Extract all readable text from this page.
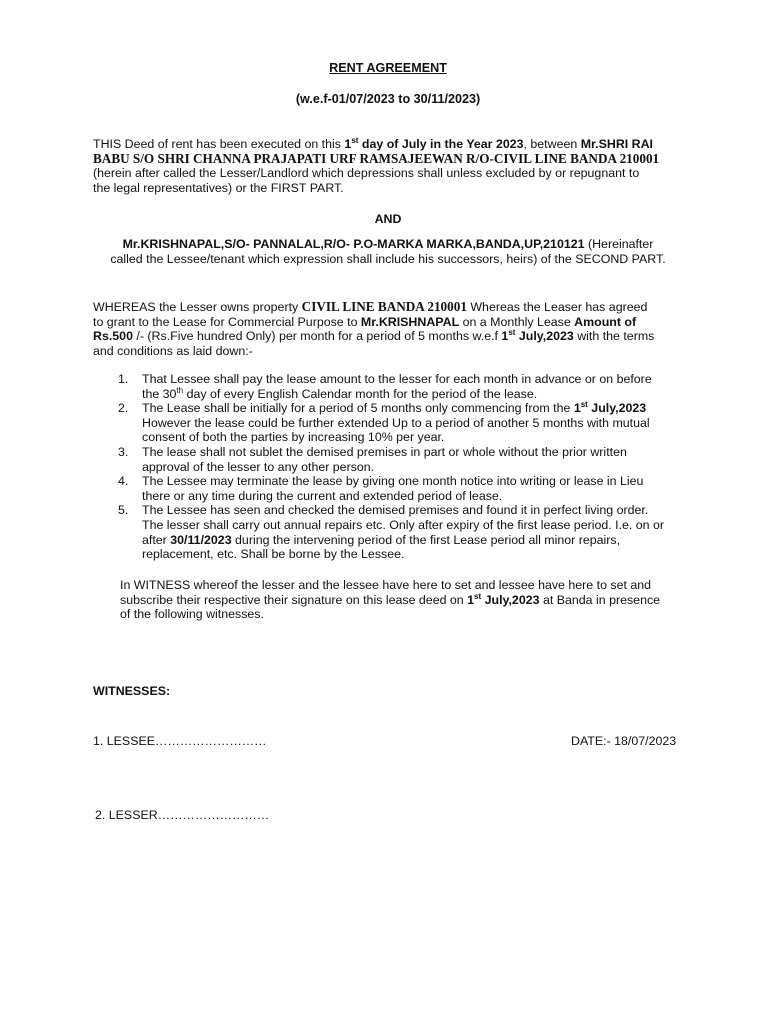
RENT AGREEMENT
(w.e.f-01/07/2023 to 30/11/2023)
THIS Deed of rent has been executed on this 1st day of July in the Year 2023, between Mr.SHRI RAI
BABU S/O SHRI CHANNA PRAJAPATI URF RAMSAJEEWAN R/O-CIVIL LINE BANDA 210001
(herein after called the Lesser/Landlord which depressions shall unless excluded by or repugnant to
the legal representatives) or the FIRST PART.
AND
Mr.KRISHNAPAL,S/O- PANNALAL,R/O- P.O-MARKA MARKA,BANDA,UP,210121 (Hereinafter
called the Lessee/tenant which expression shall include his successors, heirs) of the SECOND PART.
WHEREAS the Lesser owns property CIVIL LINE BANDA 210001 Whereas the Leaser has agreed
to grant to the Lease for Commercial Purpose to Mr.KRISHNAPAL on a Monthly Lease Amount of
Rs.500 /- (Rs.Five hundred Only) per month for a period of 5 months w.e.f 1st July,2023 with the terms
and conditions as laid down:-
1. That Lessee shall pay the lease amount to the lesser for each month in advance or on before
the 30th day of every English Calendar month for the period of the lease.
2. The Lease shall be initially for a period of 5 months only commencing from the 1st July,2023
However the lease could be further extended Up to a period of another 5 months with mutual
consent of both the parties by increasing 10% per year.
3. The lease shall not sublet the demised premises in part or whole without the prior written
approval of the lesser to any other person.
4. The Lessee may terminate the lease by giving one month notice into writing or lease in Lieu
there or any time during the current and extended period of lease.
5. The Lessee has seen and checked the demised premises and found it in perfect living order.
The lesser shall carry out annual repairs etc. Only after expiry of the first lease period. I.e. on or
after 30/11/2023 during the intervening period of the first Lease period all minor repairs,
replacement, etc. Shall be borne by the Lessee.
In WITNESS whereof the lesser and the lessee have here to set and lessee have here to set and
subscribe their respective their signature on this lease deed on 1st July,2023 at Banda in presence
of the following witnesses.
WITNESSES:
1. LESSEE………………………	DATE:- 18/07/2023
2. LESSER………………………
